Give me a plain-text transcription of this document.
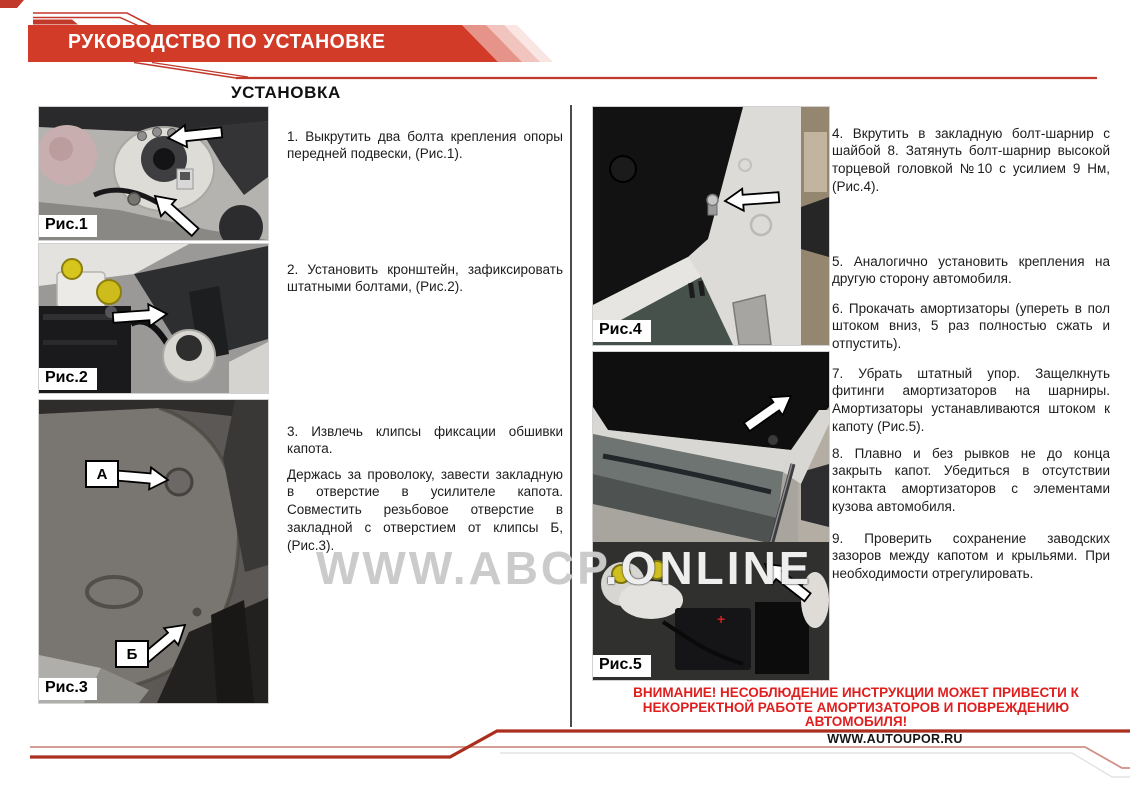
РУКОВОДСТВО ПО УСТАНОВКЕ
УСТАНОВКА

1. Выкрутить два болта крепления опоры передней подвески, (Рис.1).

2. Установить кронштейн, зафиксировать штатными болтами, (Рис.2).

3. Извлечь клипсы фиксации обшивки капота.

Держась за проволоку, завести закладную в отверстие в усилителе капота. Совместить резьбовое отверстие в закладной с отверстием от клипсы Б, (Рис.3).

4. Вкрутить в закладную болт-шарнир с шайбой 8. Затянуть болт-шарнир высокой торцевой головкой №10 с усилием 9 Нм, (Рис.4).

5. Аналогично установить крепления на другую сторону автомобиля.

6. Прокачать амортизаторы (упереть в пол штоком вниз, 5 раз полностью сжать и отпустить).

7. Убрать штатный упор. Защелкнуть фитинги амортизаторов на шарниры. Амортизаторы устанавливаются штоком к капоту (Рис.5).

8. Плавно и без рывков не до конца закрыть капот. Убедиться в отсутствии контакта амортизаторов с элементами кузова автомобиля.

9. Проверить сохранение заводских зазоров между капотом и крыльями. При необходимости отрегулировать.

Рис.1
Рис.2
А
Б
Рис.3
Рис.4
+
Рис.5
WWW.ABCP.ONLINE
ВНИМАНИЕ! НЕСОБЛЮДЕНИЕ ИНСТРУКЦИИ МОЖЕТ ПРИВЕСТИ К НЕКОРРЕКТНОЙ РАБОТЕ АМОРТИЗАТОРОВ И ПОВРЕЖДЕНИЮ АВТОМОБИЛЯ!
WWW.AUTOUPOR.RU
